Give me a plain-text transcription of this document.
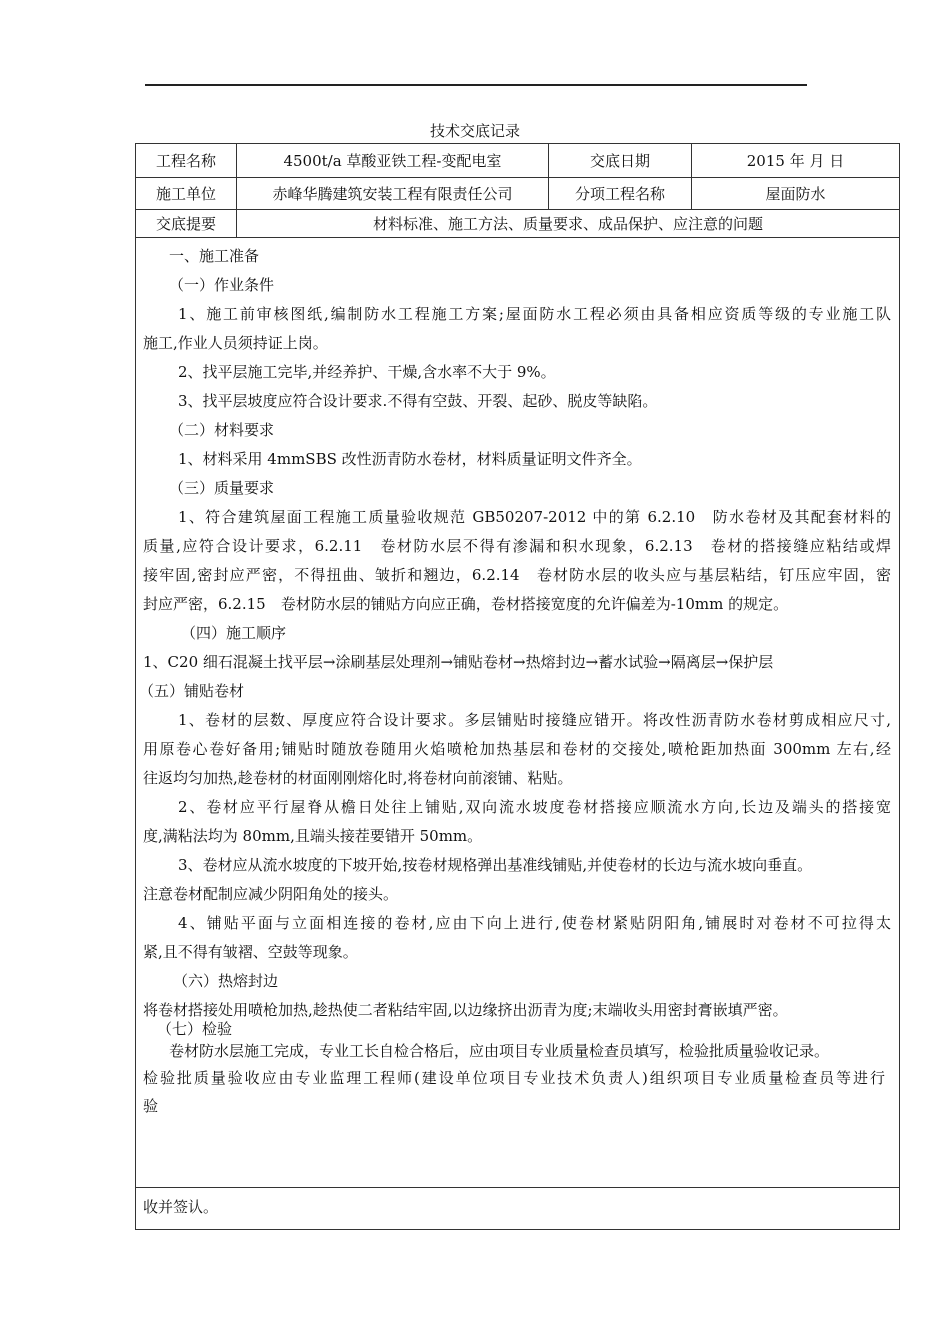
技术交底记录
工程名称	4500t/a 草酸亚铁工程-变配电室	交底日期	2015 年 月 日
施工单位	赤峰华腾建筑安装工程有限责任公司	分项工程名称	屋面防水
交底提要	材料标准、施工方法、质量要求、成品保护、应注意的问题		
一、施工准备
（一）作业条件
1、施工前审核图纸,编制防水工程施工方案;屋面防水工程必须由具备相应资质等级的专业施工队
施工,作业人员须持证上岗。
2、找平层施工完毕,并经养护、干燥,含水率不大于 9%。
3、找平层坡度应符合设计要求.不得有空鼓、开裂、起砂、脱皮等缺陷。
（二）材料要求
1、材料采用 4mmSBS 改性沥青防水卷材，材料质量证明文件齐全。
（三）质量要求
1、符合建筑屋面工程施工质量验收规范 GB50207-2012 中的第 6.2.10　防水卷材及其配套材料的
质量,应符合设计要求，6.2.11　卷材防水层不得有渗漏和积水现象，6.2.13　卷材的搭接缝应粘结或焊
接牢固,密封应严密，不得扭曲、皱折和翘边，6.2.14　卷材防水层的收头应与基层粘结，钉压应牢固，密
封应严密，6.2.15　卷材防水层的铺贴方向应正确，卷材搭接宽度的允许偏差为-10mm 的规定。
（四）施工顺序
1、C20 细石混凝土找平层→涂刷基层处理剂→铺贴卷材→热熔封边→蓄水试验→隔离层→保护层
（五）铺贴卷材
1、卷材的层数、厚度应符合设计要求。多层铺贴时接缝应错开。将改性沥青防水卷材剪成相应尺寸,
用原卷心卷好备用;铺贴时随放卷随用火焰喷枪加热基层和卷材的交接处,喷枪距加热面 300mm 左右,经
往返均匀加热,趁卷材的材面刚刚熔化时,将卷材向前滚铺、粘贴。
2、卷材应平行屋脊从檐日处往上铺贴,双向流水坡度卷材搭接应顺流水方向,长边及端头的搭接宽
度,满粘法均为 80mm,且端头接茬要错开 50mm。
3、卷材应从流水坡度的下坡开始,按卷材规格弹出基准线铺贴,并使卷材的长边与流水坡向垂直。
注意卷材配制应减少阴阳角处的接头。
4、铺贴平面与立面相连接的卷材,应由下向上进行,使卷材紧贴阴阳角,铺展时对卷材不可拉得太
紧,且不得有皱褶、空鼓等现象。
（六）热熔封边
将卷材搭接处用喷枪加热,趁热使二者粘结牢固,以边缘挤出沥青为度;末端收头用密封膏嵌填严密。
（七）检验
卷材防水层施工完成，专业工长自检合格后，应由项目专业质量检查员填写，检验批质量验收记录。
检验批质量验收应由专业监理工程师(建设单位项目专业技术负责人)组织项目专业质量检查员等进行
验
收并签认。
